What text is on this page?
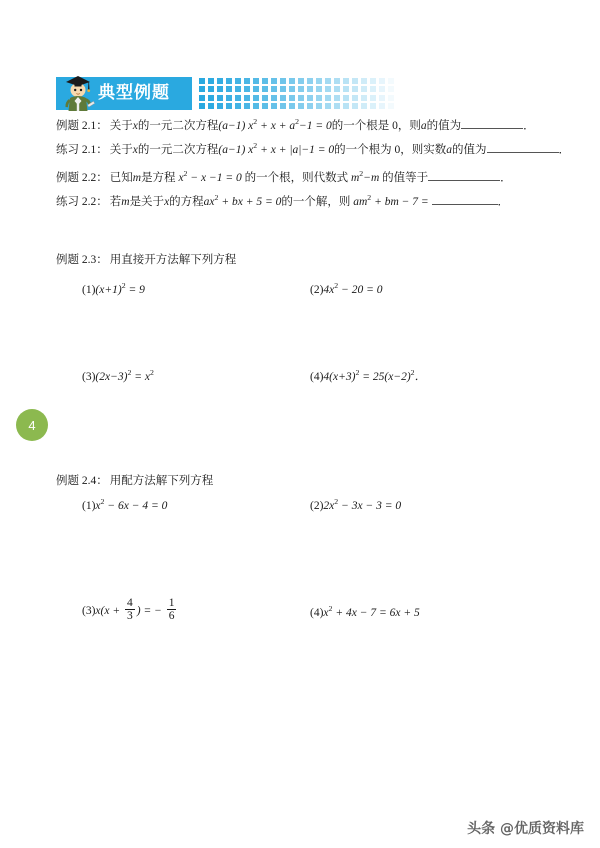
典型例题
4
例题 2.1： 关于x的一元二次方程(a−1) $x^2 + x + a^2-1 = 0$的一个根是 0，则a的值为	．
练习 2.1： 关于x的一元二次方程(a−1) $x^2 + x + |a|-1 = 0$的一个根为 0，则实数a的值为	．
例题 2.2： 已知m是方程 $x^2 - x -1 = 0$ 的一个根，则代数式 $m^2-m$ 的值等于	．
练习 2.2： 若m是关于x的方程$ax^2$ + bx + 5 = 0的一个解，则 $am^2$ + bm − 7 =	．
例题 2.3： 用直接开方法解下列方程
$(1)(x+1)^2 = 9$	$(2)4x^2 - 20 = 0$
$(3)(2x-3)^2 = x^2$	$(4)4(x+3)^2 = 25(x-2)^2$．
例题 2.4： 用配方法解下列方程
$(1)x^2 - 6x - 4 = 0$	$(2)2x^2 - 3x - 3 = 0$
$(3)x(x + \frac{4}{3}$ ) = − $\frac{1}{6}$	$(4)x^2 + 4x - 7 = 6x + 5$
头条 @优质资料库
